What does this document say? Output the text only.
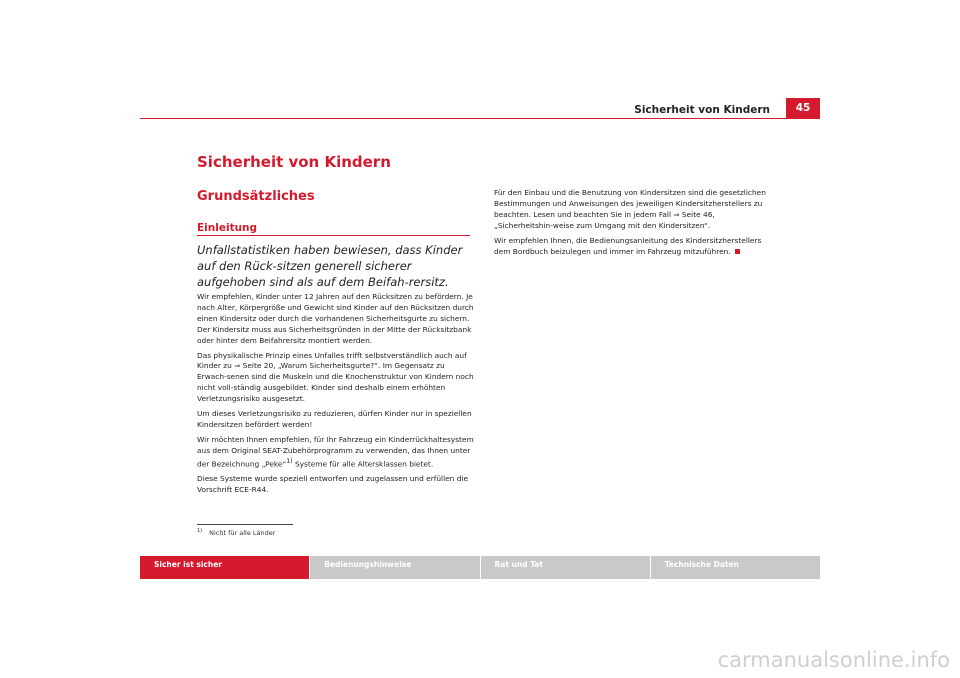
Sicherheit von Kindern	45
Sicherheit von Kindern
Grundsätzliches
Einleitung
Unfallstatistiken haben bewiesen, dass Kinder auf den Rück-sitzen generell sicherer aufgehoben sind als auf dem Beifah-rersitz.

Wir empfehlen, Kinder unter 12 Jahren auf den Rücksitzen zu befördern. Je nach Alter, Körpergröße und Gewicht sind Kinder auf den Rücksitzen durch einen Kindersitz oder durch die vorhandenen Sicherheitsgurte zu sichern. Der Kindersitz muss aus Sicherheitsgründen in der Mitte der Rücksitzbank oder hinter dem Beifahrersitz montiert werden.

Das physikalische Prinzip eines Unfalles trifft selbstverständlich auch auf Kinder zu ⇒ Seite 20, „Warum Sicherheitsgurte?“. Im Gegensatz zu Erwach-senen sind die Muskeln und die Knochenstruktur von Kindern noch nicht voll-ständig ausgebildet. Kinder sind deshalb einem erhöhten Verletzungsrisiko ausgesetzt.

Um dieses Verletzungsrisiko zu reduzieren, dürfen Kinder nur in speziellen Kindersitzen befördert werden!

Wir möchten Ihnen empfehlen, für Ihr Fahrzeug ein Kinderrückhaltesystem aus dem Original SEAT-Zubehörprogramm zu verwenden, das Ihnen unter der Bezeichnung „Peke“$^{1)}$ Systeme für alle Altersklassen bietet.

Diese Systeme wurde speziell entworfen und zugelassen und erfüllen die Vorschrift ECE-R44.

Für den Einbau und die Benutzung von Kindersitzen sind die gesetzlichen Bestimmungen und Anweisungen des jeweiligen Kindersitzherstellers zu beachten. Lesen und beachten Sie in jedem Fall ⇒ Seite 46, „Sicherheitshin-weise zum Umgang mit den Kindersitzen“.

Wir empfehlen Ihnen, die Bedienungsanleitung des Kindersitzherstellers dem Bordbuch beizulegen und immer im Fahrzeug mitzuführen.

$^{1)}$ Nicht für alle Länder
Sicher ist sicher	Bedienungshinweise	Rat und Tat	Technische Daten
carmanualsonline.info
